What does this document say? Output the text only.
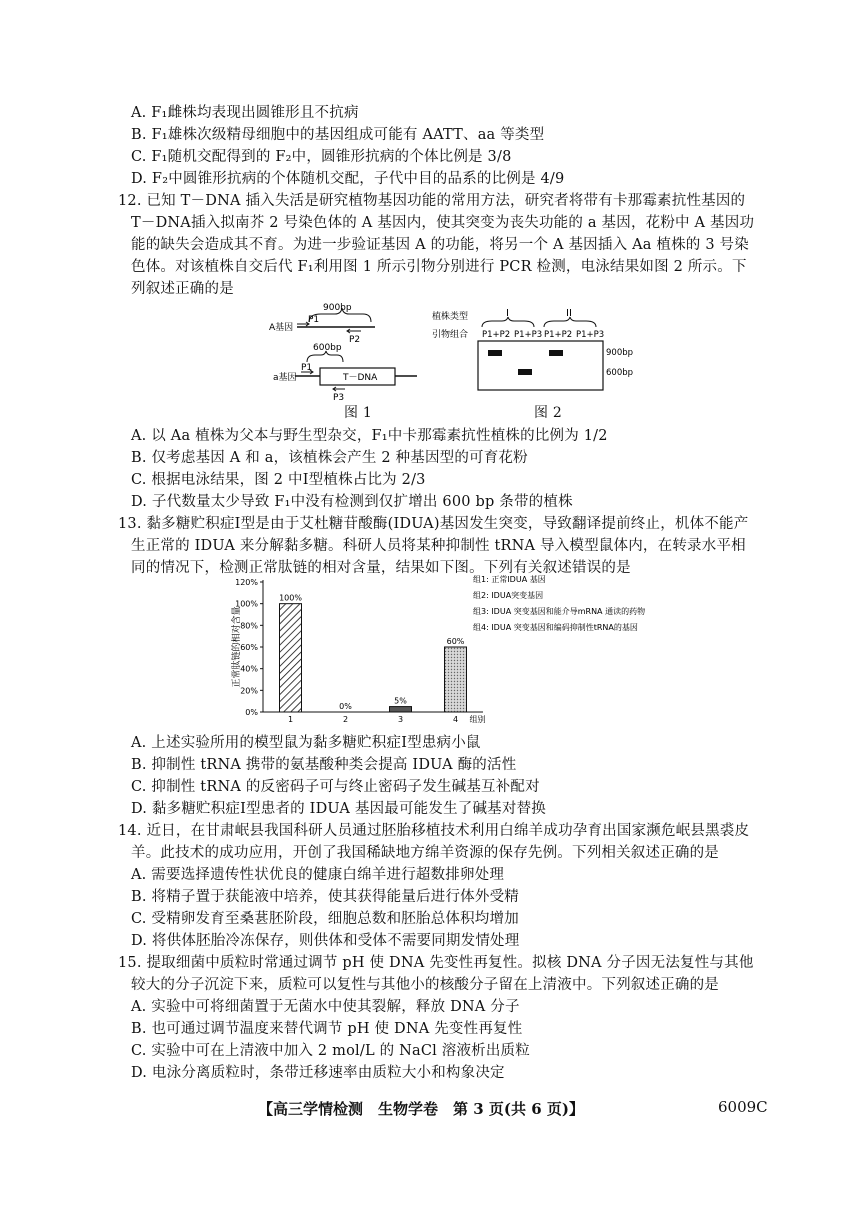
A. F₁雌株均表现出圆锥形且不抗病
B. F₁雄株次级精母细胞中的基因组成可能有 AATT、aa 等类型
C. F₁随机交配得到的 F₂中，圆锥形抗病的个体比例是 3/8
D. F₂中圆锥形抗病的个体随机交配，子代中目的品系的比例是 4/9
12. 已知 T－DNA 插入失活是研究植物基因功能的常用方法，研究者将带有卡那霉素抗性基因的
T－DNA插入拟南芥 2 号染色体的 A 基因内，使其突变为丧失功能的 a 基因，花粉中 A 基因功
能的缺失会造成其不育。为进一步验证基因 A 的功能，将另一个 A 基因插入 Aa 植株的 3 号染
色体。对该植株自交后代 F₁利用图 1 所示引物分别进行 PCR 检测，电泳结果如图 2 所示。下
列叙述正确的是
900bp
A基因
P1
P2
600bp
P1
a基因	T－DNA
P3
图 1
植株类型
引物组合
I	II
P1+P2 P1+P3 P1+P2 P1+P3
900bp
600bp
图 2
A. 以 Aa 植株为父本与野生型杂交，F₁中卡那霉素抗性植株的比例为 1/2
B. 仅考虑基因 A 和 a，该植株会产生 2 种基因型的可育花粉
C. 根据电泳结果，图 2 中Ⅰ型植株占比为 2/3
D. 子代数量太少导致 F₁中没有检测到仅扩增出 600 bp 条带的植株
13. 黏多糖贮积症Ⅰ型是由于艾杜糖苷酸酶(IDUA)基因发生突变，导致翻译提前终止，机体不能产
生正常的 IDUA 来分解黏多糖。科研人员将某种抑制性 tRNA 导入模型鼠体内，在转录水平相
同的情况下，检测正常肽链的相对含量，结果如下图。下列有关叙述错误的是
0%
20%
40%
60%
80%
100%
120%
1	2	3	4 组别
100%
0%
5%
60%
正常肽链的相对含量
组1: 正常IDUA 基因
组2: IDUA突变基因
组3: IDUA 突变基因和能介导mRNA 通读的药物
组4: IDUA 突变基因和编码抑制性tRNA的基因
A. 上述实验所用的模型鼠为黏多糖贮积症Ⅰ型患病小鼠
B. 抑制性 tRNA 携带的氨基酸种类会提高 IDUA 酶的活性
C. 抑制性 tRNA 的反密码子可与终止密码子发生碱基互补配对
D. 黏多糖贮积症Ⅰ型患者的 IDUA 基因最可能发生了碱基对替换
14. 近日，在甘肃岷县我国科研人员通过胚胎移植技术利用白绵羊成功孕育出国家濒危岷县黑裘皮
羊。此技术的成功应用，开创了我国稀缺地方绵羊资源的保存先例。下列相关叙述正确的是
A. 需要选择遗传性状优良的健康白绵羊进行超数排卵处理
B. 将精子置于获能液中培养，使其获得能量后进行体外受精
C. 受精卵发育至桑葚胚阶段，细胞总数和胚胎总体积均增加
D. 将供体胚胎冷冻保存，则供体和受体不需要同期发情处理
15. 提取细菌中质粒时常通过调节 pH 使 DNA 先变性再复性。拟核 DNA 分子因无法复性与其他
较大的分子沉淀下来，质粒可以复性与其他小的核酸分子留在上清液中。下列叙述正确的是
A. 实验中可将细菌置于无菌水中使其裂解，释放 DNA 分子
B. 也可通过调节温度来替代调节 pH 使 DNA 先变性再复性
C. 实验中可在上清液中加入 2 mol/L 的 NaCl 溶液析出质粒
D. 电泳分离质粒时，条带迁移速率由质粒大小和构象决定
【高三学情检测　生物学卷　第 3 页(共 6 页)】	6009C
